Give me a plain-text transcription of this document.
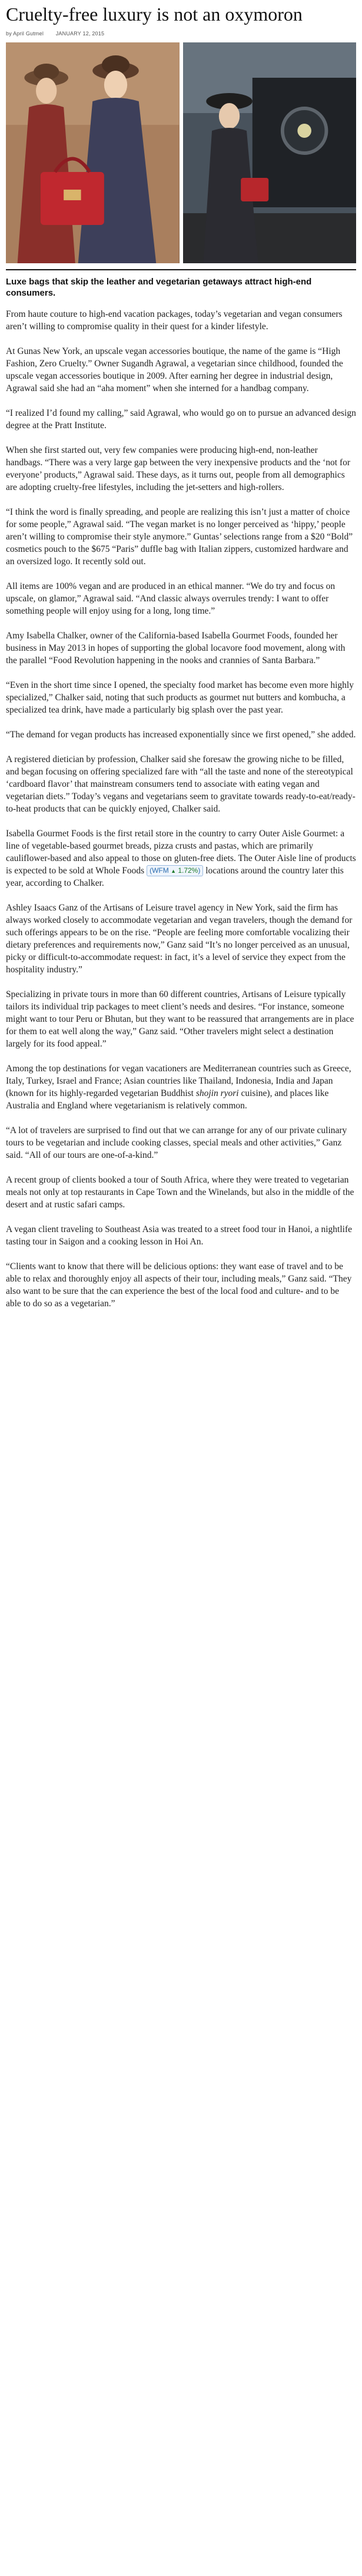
Cruelty-free luxury is not an oxymoron
by April Gutmel JANUARY 12, 2015
Luxe bags that skip the leather and vegetarian getaways attract high-end consumers.

From haute couture to high-end vacation packages, today’s vegetarian and vegan consumers aren’t willing to compromise quality in their quest for a kinder lifestyle.

At Gunas New York, an upscale vegan accessories boutique, the name of the game is “High Fashion, Zero Cruelty.” Owner Sugandh Agrawal, a vegetarian since childhood, founded the upscale vegan accessories boutique in 2009. After earning her degree in industrial design, Agrawal said she had an “aha moment” when she interned for a handbag company.

“I realized I’d found my calling,” said Agrawal, who would go on to pursue an advanced design degree at the Pratt Institute.

When she first started out, very few companies were producing high-end, non-leather handbags. “There was a very large gap between the very inexpensive products and the ‘not for everyone’ products,” Agrawal said. These days, as it turns out, people from all demographics are adopting cruelty-free lifestyles, including the jet-setters and high-rollers.

“I think the word is finally spreading, and people are realizing this isn’t just a matter of choice for some people,” Agrawal said. “The vegan market is no longer perceived as ‘hippy,’ people aren’t willing to compromise their style anymore.” Guntas’ selections range from a $20 “Bold” cosmetics pouch to the $675 “Paris” duffle bag with Italian zippers, customized hardware and an oversized logo. It recently sold out.

All items are 100% vegan and are produced in an ethical manner. “We do try and focus on upscale, on glamor,” Agrawal said. “And classic always overrules trendy: I want to offer something people will enjoy using for a long, long time.”

Amy Isabella Chalker, owner of the California-based Isabella Gourmet Foods, founded her business in May 2013 in hopes of supporting the global locavore food movement, along with the parallel “Food Revolution happening in the nooks and crannies of Santa Barbara.”

“Even in the short time since I opened, the specialty food market has become even more highly specialized,” Chalker said, noting that such products as gourmet nut butters and kombucha, a specialized tea drink, have made a particularly big splash over the past year.

“The demand for vegan products has increased exponentially since we first opened,” she added.

A registered dietician by profession, Chalker said she foresaw the growing niche to be filled, and began focusing on offering specialized fare with “all the taste and none of the stereotypical ‘cardboard flavor’ that mainstream consumers tend to associate with eating vegan and vegetarian diets.” Today’s vegans and vegetarians seem to gravitate towards ready-to-eat/ready-to-heat products that can be quickly enjoyed, Chalker said.

Isabella Gourmet Foods is the first retail store in the country to carry Outer Aisle Gourmet: a line of vegetable-based gourmet breads, pizza crusts and pastas, which are primarily cauliflower-based and also appeal to those on gluten-free diets. The Outer Aisle line of products is expected to be sold at Whole Foods (WFM ▲ 1.72%) locations around the country later this year, according to Chalker.

Ashley Isaacs Ganz of the Artisans of Leisure travel agency in New York, said the firm has always worked closely to accommodate vegetarian and vegan travelers, though the demand for such offerings appears to be on the rise. “People are feeling more comfortable vocalizing their dietary preferences and requirements now,” Ganz said “It’s no longer perceived as an unusual, picky or difficult-to-accommodate request: in fact, it’s a level of service they expect from the hospitality industry.”

Specializing in private tours in more than 60 different countries, Artisans of Leisure typically tailors its individual trip packages to meet client’s needs and desires. “For instance, someone might want to tour Peru or Bhutan, but they want to be reassured that arrangements are in place for them to eat well along the way,” Ganz said. “Other travelers might select a destination largely for its food appeal.”

Among the top destinations for vegan vacationers are Mediterranean countries such as Greece, Italy, Turkey, Israel and France; Asian countries like Thailand, Indonesia, India and Japan (known for its highly-regarded vegetarian Buddhist shojin ryori cuisine), and places like Australia and England where vegetarianism is relatively common.

“A lot of travelers are surprised to find out that we can arrange for any of our private culinary tours to be vegetarian and include cooking classes, special meals and other activities,” Ganz said. “All of our tours are one-of-a-kind.”

A recent group of clients booked a tour of South Africa, where they were treated to vegetarian meals not only at top restaurants in Cape Town and the Winelands, but also in the middle of the desert and at rustic safari camps.

A vegan client traveling to Southeast Asia was treated to a street food tour in Hanoi, a nightlife tasting tour in Saigon and a cooking lesson in Hoi An.

“Clients want to know that there will be delicious options: they want ease of travel and to be able to relax and thoroughly enjoy all aspects of their tour, including meals,” Ganz said. “They also want to be sure that the can experience the best of the local food and culture- and to be able to do so as a vegetarian.”
